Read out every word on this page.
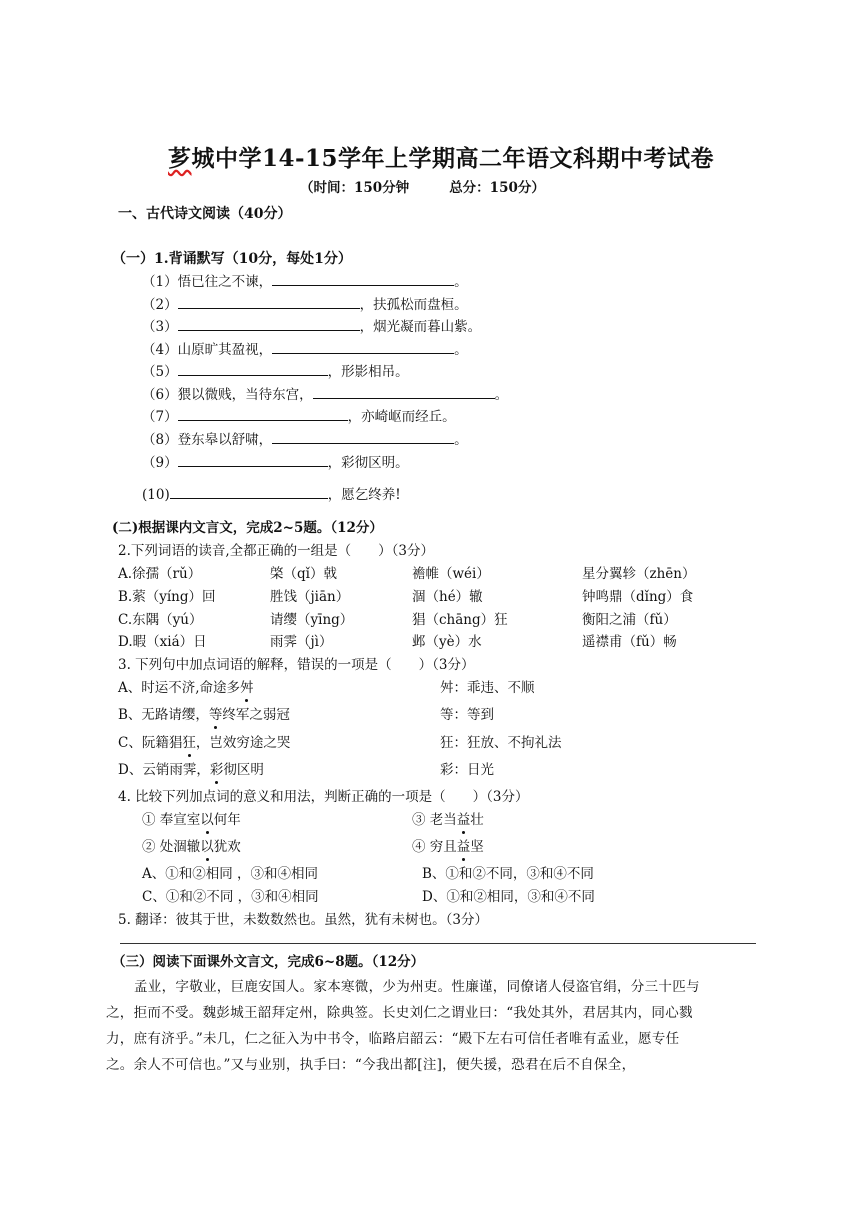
芗城中学14-15学年上学期高二年语文科期中考试卷
（时间：150分钟	总分：150分）
一、古代诗文阅读（40分）
（一）1.背诵默写（10分，每处1分）
（1）悟已往之不谏，	。
（2）	，扶孤松而盘桓。
（3）	，烟光凝而暮山紫。
（4）山原旷其盈视，	。
（5）	，形影相吊。
（6）猥以微贱，当待东宫，	。
（7）	，亦崎岖而经丘。
（8）登东皋以舒啸，	。
（9）	，彩彻区明。
(10)	，愿乞终养!
(二)根据课内文言文，完成2~5题。（12分）
2.下列词语的读音,全都正确的一组是（　　）（3分）
A.徐孺（rǔ）	棨（qǐ）戟	襜帷（wéi）	星分翼轸（zhēn）
B.萦（yíng）回	胜饯（jiān）	涸（hé）辙	钟鸣鼎（dǐng）食
C.东隅（yú）	请缨（yīng）	猖（chāng）狂	衡阳之浦（fǔ）
D.暇（xiá）日	雨霁（jì）	邺（yè）水	遥襟甫（fǔ）畅
3. 下列句中加点词语的解释，错误的一项是（　　）（3分）
A、时运不济,命途多舛	舛：乖违、不顺
B、无路请缨，等终军之弱冠	等：等到
C、阮籍猖狂，岂效穷途之哭	狂：狂放、不拘礼法
D、云销雨霁，彩彻区明	彩：日光
4. 比较下列加点词的意义和用法，判断正确的一项是（　　）（3分）
① 奉宣室以何年	③ 老当益壮
② 处涸辙以犹欢	④ 穷且益坚
A、①和②相同 ，③和④相同	B、①和②不同，③和④不同
C、①和②不同 ，③和④相同	D、①和②相同，③和④不同
5. 翻译：彼其于世，未数数然也。虽然，犹有未树也。（3分）
（三）阅读下面课外文言文，完成6~8题。（12分）
孟业，字敬业，巨鹿安国人。家本寒微，少为州吏。性廉谨，同僚诸人侵盗官绢，分三十匹与
之，拒而不受。魏彭城王韶拜定州，除典签。长史刘仁之谓业曰：“我处其外，君居其内，同心戮
力，庶有济乎。”未几，仁之征入为中书令，临路启韶云：“殿下左右可信任者唯有孟业，愿专任
之。余人不可信也。”又与业别，执手曰：“今我出都[注]，便失援，恐君在后不自保全，
